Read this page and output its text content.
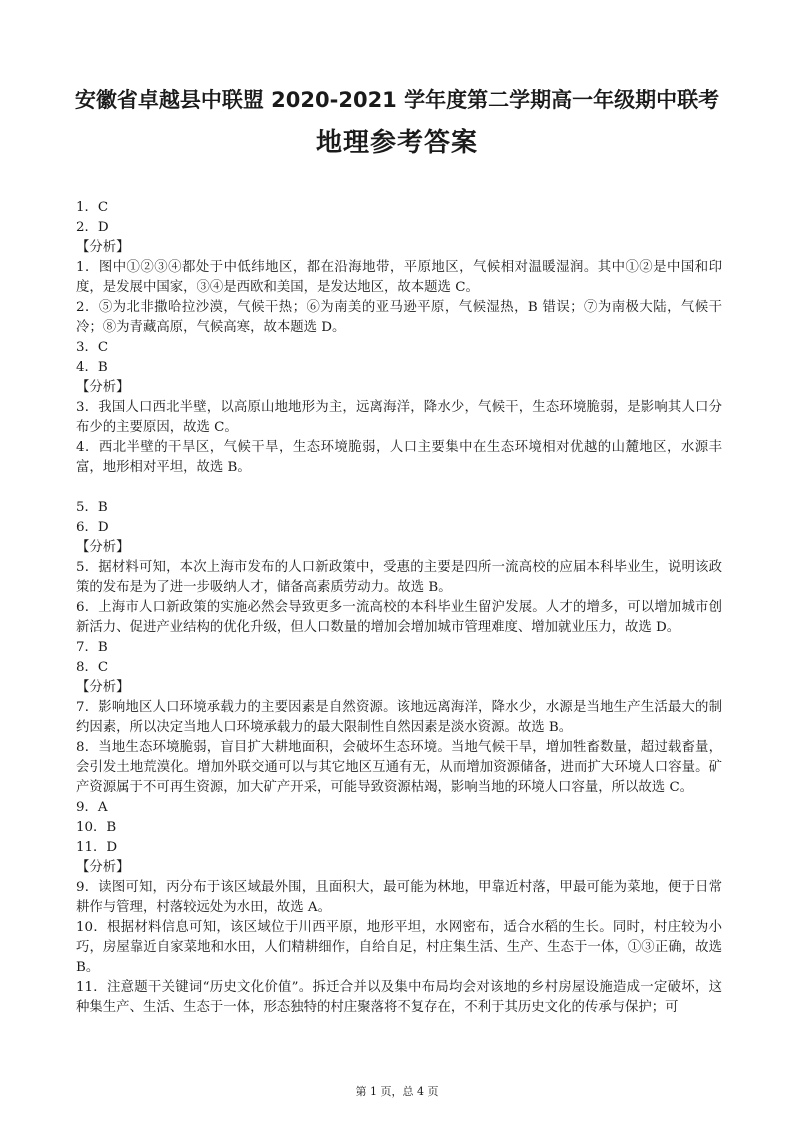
安徽省卓越县中联盟 2020-2021 学年度第二学期高一年级期中联考
地理参考答案
1．C
2．D
【分析】
1．图中①②③④都处于中低纬地区，都在沿海地带，平原地区，气候相对温暖湿润。其中①②是中国和印度，是发展中国家，③④是西欧和美国，是发达地区，故本题选 C。
2．⑤为北非撒哈拉沙漠，气候干热；⑥为南美的亚马逊平原，气候湿热，B 错误；⑦为南极大陆，气候干冷；⑧为青藏高原，气候高寒，故本题选 D。
3．C
4．B
【分析】
3．我国人口西北半壁，以高原山地地形为主，远离海洋，降水少，气候干，生态环境脆弱，是影响其人口分布少的主要原因，故选 C。
4．西北半壁的干旱区，气候干旱，生态环境脆弱，人口主要集中在生态环境相对优越的山麓地区，水源丰富，地形相对平坦，故选 B。
5．B
6．D
【分析】
5．据材料可知，本次上海市发布的人口新政策中，受惠的主要是四所一流高校的应届本科毕业生，说明该政策的发布是为了进一步吸纳人才，储备高素质劳动力。故选 B。
6．上海市人口新政策的实施必然会导致更多一流高校的本科毕业生留沪发展。人才的增多，可以增加城市创新活力、促进产业结构的优化升级，但人口数量的增加会增加城市管理难度、增加就业压力，故选 D。
7．B
8．C
【分析】
7．影响地区人口环境承载力的主要因素是自然资源。该地远离海洋，降水少，水源是当地生产生活最大的制约因素，所以决定当地人口环境承载力的最大限制性自然因素是淡水资源。故选 B。
8．当地生态环境脆弱，盲目扩大耕地面积，会破坏生态环境。当地气候干旱，增加牲畜数量，超过载畜量，会引发土地荒漠化。增加外联交通可以与其它地区互通有无，从而增加资源储备，进而扩大环境人口容量。矿产资源属于不可再生资源，加大矿产开采，可能导致资源枯竭，影响当地的环境人口容量，所以故选 C。
9．A
10．B
11．D
【分析】
9．读图可知，丙分布于该区域最外围，且面积大，最可能为林地，甲靠近村落，甲最可能为菜地，便于日常耕作与管理，村落较远处为水田，故选 A。
10．根据材料信息可知，该区域位于川西平原，地形平坦，水网密布，适合水稻的生长。同时，村庄较为小巧，房屋靠近自家菜地和水田，人们精耕细作，自给自足，村庄集生活、生产、生态于一体，①③正确，故选 B。
11．注意题干关键词“历史文化价值”。拆迁合并以及集中布局均会对该地的乡村房屋设施造成一定破坏，这种集生产、生活、生态于一体，形态独特的村庄聚落将不复存在，不利于其历史文化的传承与保护；可
第 1 页，总 4 页
